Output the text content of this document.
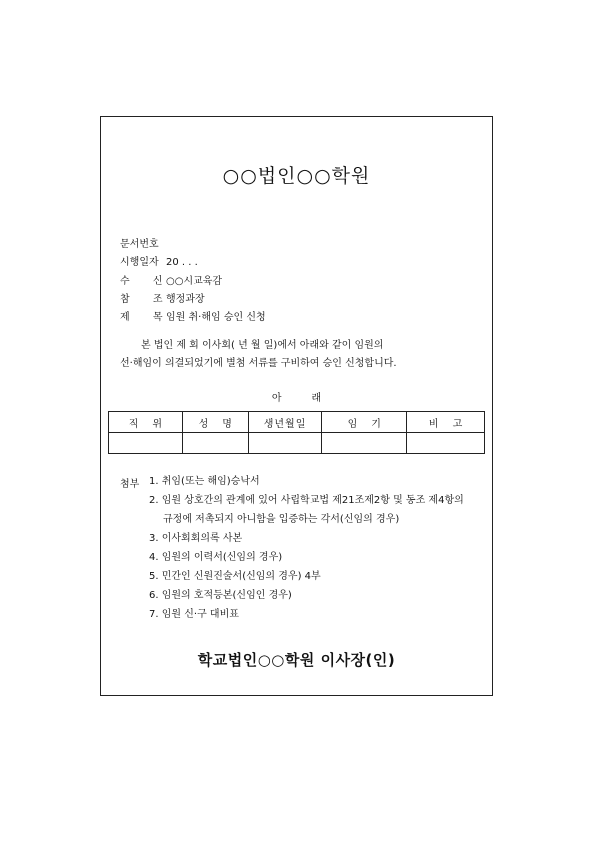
○○법인○○학원
문서번호
시행일자 20 . . .
수 신○○시교육감
참 조행정과장
제 목임원 취·해임 승인 신청
본 법인 제 회 이사회( 년 월 일)에서 아래와 같이 임원의
선·해임이 의결되었기에 별첨 서류를 구비하여 승인 신청합니다.
아래
직위	성명	생년월일	임기	비고

첨부 1. 취임(또는 해임)승낙서
2. 임원 상호간의 관계에 있어 사립학교법 제21조제2항 및 동조 제4항의
규정에 저촉되지 아니함을 입증하는 각서(신임의 경우)
3. 이사회회의록 사본
4. 임원의 이력서(신임의 경우)
5. 민간인 신원진술서(신임의 경우) 4부
6. 임원의 호적등본(신임인 경우)
7. 임원 신·구 대비표
학교법인○○학원 이사장(인)
